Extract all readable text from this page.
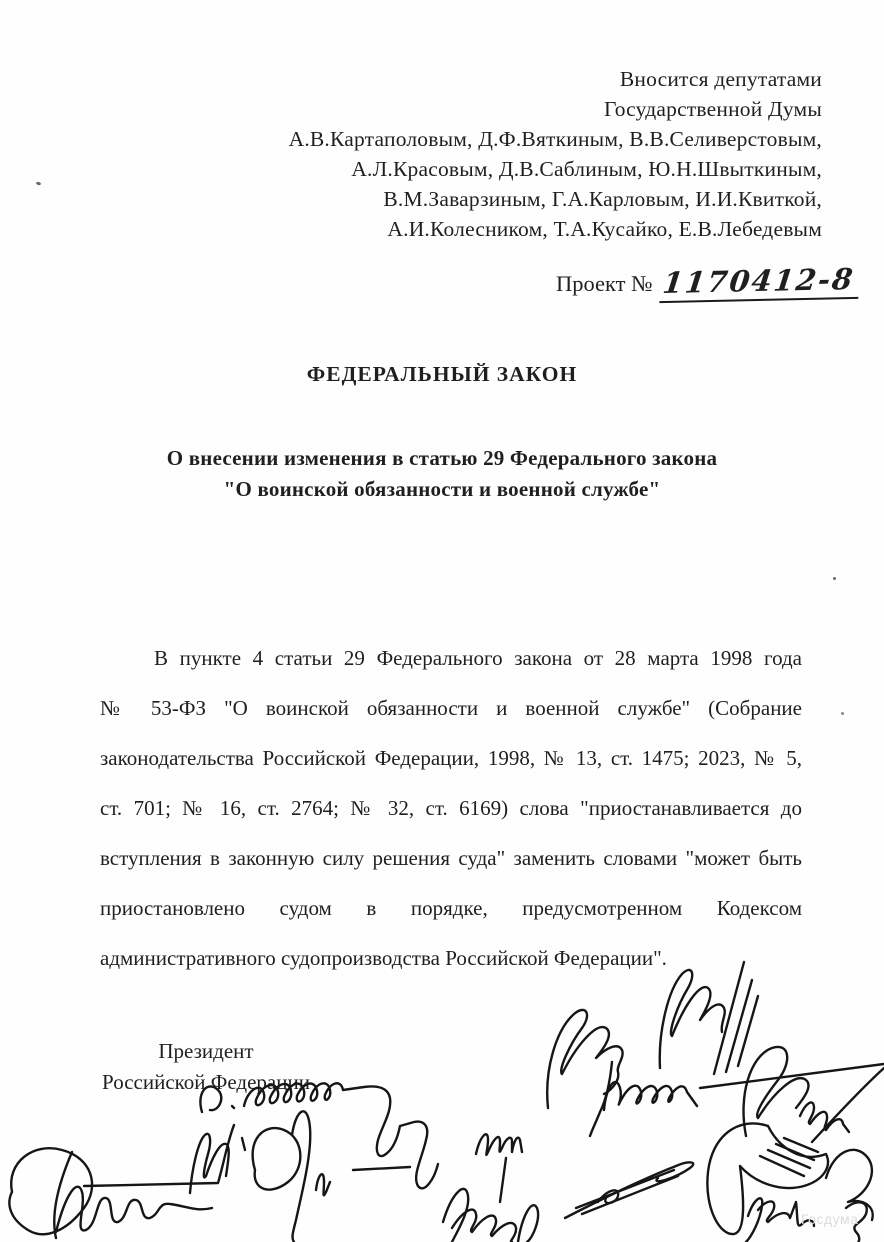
Вносится депутатами
Государственной Думы
А.В.Картаполовым, Д.Ф.Вяткиным, В.В.Селиверстовым,
А.Л.Красовым, Д.В.Саблиным, Ю.Н.Швыткиным,
В.М.Заварзиным, Г.А.Карловым, И.И.Квиткой,
А.И.Колесником, Т.А.Кусайко, Е.В.Лебедевым
Проект № 1170412-8
ФЕДЕРАЛЬНЫЙ ЗАКОН
О внесении изменения в статью 29 Федерального закона
"О воинской обязанности и военной службе"
В пункте 4 статьи 29 Федерального закона от 28 марта 1998 года
№ 53-ФЗ "О воинской обязанности и военной службе" (Собрание
законодательства Российской Федерации, 1998, № 13, ст. 1475; 2023, № 5,
ст. 701; № 16, ст. 2764; № 32, ст. 6169) слова "приостанавливается до
вступления в законную силу решения суда" заменить словами "может быть
приостановлено судом в порядке, предусмотренном Кодексом
административного судопроизводства Российской Федерации".
Президент
Российской Федерации
Госдума
